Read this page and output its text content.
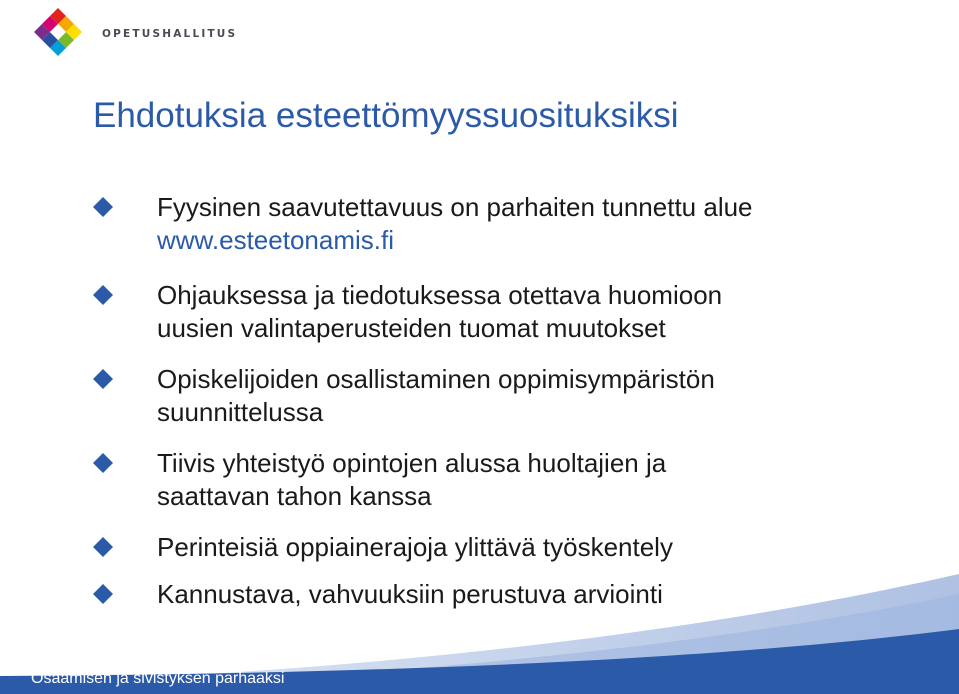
OPETUSHALLITUS
Ehdotuksia esteettömyyssuosituksiksi
Fyysinen saavutettavuus on parhaiten tunnettu alue
www.esteetonamis.fi
Ohjauksessa ja tiedotuksessa otettava huomioon
uusien valintaperusteiden tuomat muutokset
Opiskelijoiden osallistaminen oppimisympäristön
suunnittelussa
Tiivis yhteistyö opintojen alussa huoltajien ja
saattavan tahon kanssa
Perinteisiä oppiainerajoja ylittävä työskentely
Kannustava, vahvuuksiin perustuva arviointi
Osaamisen ja sivistyksen parhaaksi
